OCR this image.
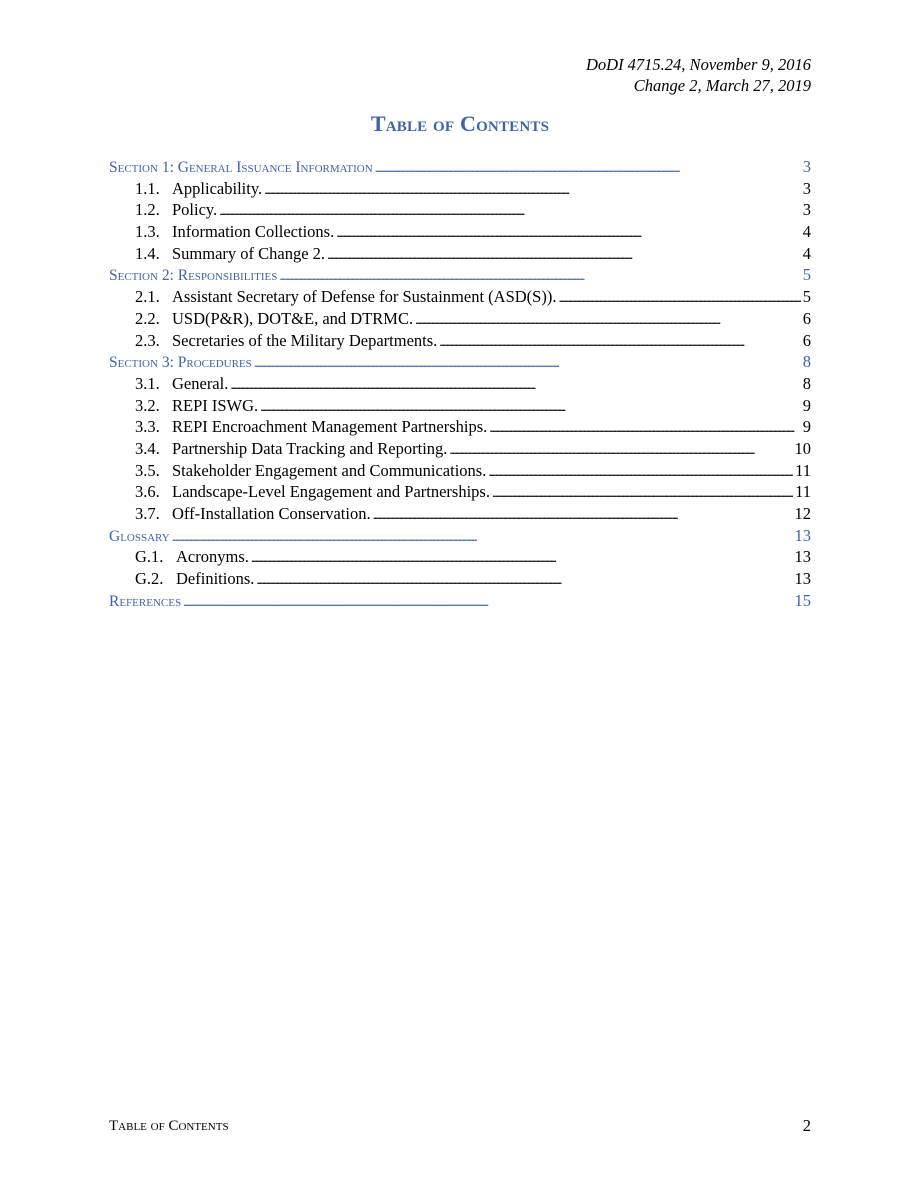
DoDI 4715.24, November 9, 2016
Change 2, March 27, 2019
Table of Contents
Section 1: General Issuance Information . . .	3
1.1. Applicability. . . .	3
1.2. Policy. . . .	3
1.3. Information Collections. . . .	4
1.4. Summary of Change 2. . . .	4
Section 2: Responsibilities . . .	5
2.1. Assistant Secretary of Defense for Sustainment (ASD(S)). . . .	5
2.2. USD(P&R), DOT&E, and DTRMC. . . .	6
2.3. Secretaries of the Military Departments. . . .	6
Section 3: Procedures . . .	8
3.1. General. . . .	8
3.2. REPI ISWG. . . .	9
3.3. REPI Encroachment Management Partnerships. . . .	9
3.4. Partnership Data Tracking and Reporting. . . .	10
3.5. Stakeholder Engagement and Communications. . . .	11
3.6. Landscape-Level Engagement and Partnerships. . . .	11
3.7. Off-Installation Conservation. . . .	12
Glossary . . .	13
G.1. Acronyms. . . .	13
G.2. Definitions. . . .	13
References . . .	15
Table of Contents	2
